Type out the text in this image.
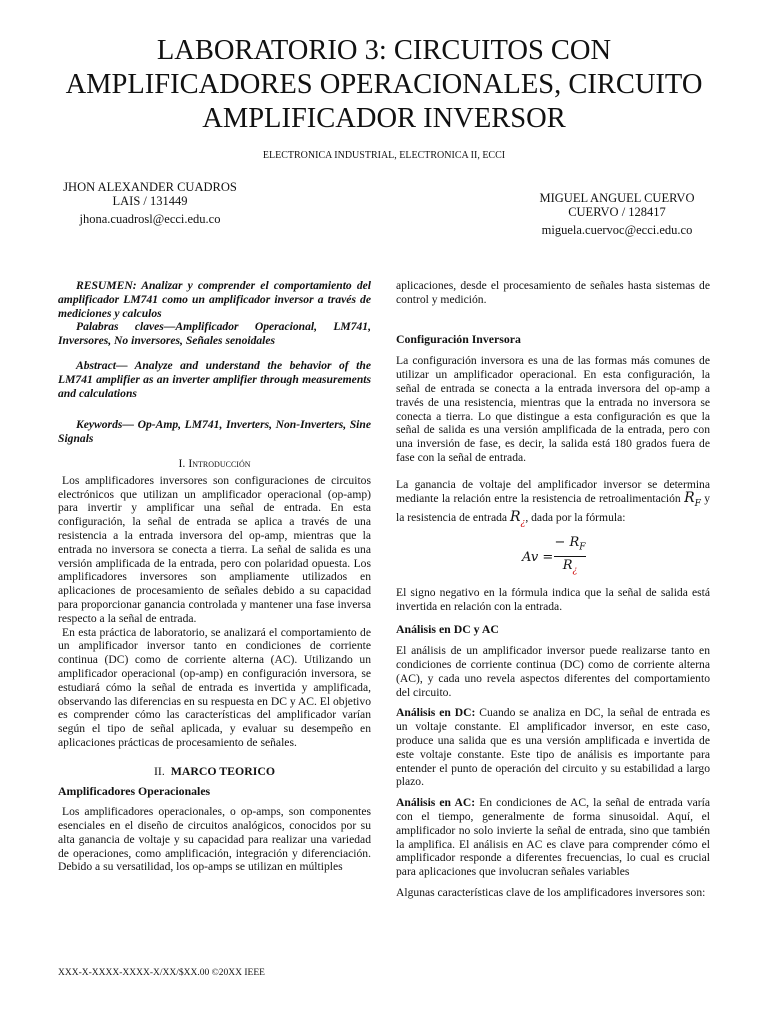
LABORATORIO 3: CIRCUITOS CON AMPLIFICADORES OPERACIONALES, CIRCUITO AMPLIFICADOR INVERSOR
ELECTRONICA INDUSTRIAL, ELECTRONICA II, ECCI
JHON ALEXANDER CUADROS
LAIS / 131449
jhona.cuadrosl@ecci.edu.co
MIGUEL ANGUEL CUERVO
CUERVO / 128417
miguela.cuervoc@ecci.edu.co

RESUMEN: Analizar y comprender el comportamiento del amplificador LM741 como un amplificador inversor a través de mediciones y calculos

Palabras claves—Amplificador Operacional, LM741, Inversores, No inversores, Señales senoidales

Abstract— Analyze and understand the behavior of the LM741 amplifier as an inverter amplifier through measurements and calculations

Keywords— Op-Amp, LM741, Inverters, Non-Inverters, Sine Signals

I. Introducción

Los amplificadores inversores son configuraciones de circuitos electrónicos que utilizan un amplificador operacional (op-amp) para invertir y amplificar una señal de entrada. En esta configuración, la señal de entrada se aplica a través de una resistencia a la entrada inversora del op-amp, mientras que la entrada no inversora se conecta a tierra. La señal de salida es una versión amplificada de la entrada, pero con polaridad opuesta. Los amplificadores inversores son ampliamente utilizados en aplicaciones de procesamiento de señales debido a su capacidad para proporcionar ganancia controlada y mantener una fase inversa respecto a la señal de entrada.

En esta práctica de laboratorio, se analizará el comportamiento de un amplificador inversor tanto en condiciones de corriente continua (DC) como de corriente alterna (AC). Utilizando un amplificador operacional (op-amp) en configuración inversora, se estudiará cómo la señal de entrada es invertida y amplificada, observando las diferencias en su respuesta en DC y AC. El objetivo es comprender cómo las características del amplificador varían según el tipo de señal aplicada, y evaluar su desempeño en aplicaciones prácticas de procesamiento de señales.

II. MARCO TEORICO

Amplificadores Operacionales

Los amplificadores operacionales, o op-amps, son componentes esenciales en el diseño de circuitos analógicos, conocidos por su alta ganancia de voltaje y su capacidad para realizar una variedad de operaciones, como amplificación, integración y diferenciación. Debido a su versatilidad, los op-amps se utilizan en múltiples

aplicaciones, desde el procesamiento de señales hasta sistemas de control y medición.

Configuración Inversora

La configuración inversora es una de las formas más comunes de utilizar un amplificador operacional. En esta configuración, la señal de entrada se conecta a la entrada inversora del op-amp a través de una resistencia, mientras que la entrada no inversora se conecta a tierra. Lo que distingue a esta configuración es que la señal de salida es una versión amplificada de la entrada, pero con una inversión de fase, es decir, la salida está 180 grados fuera de fase con la señal de entrada.

La ganancia de voltaje del amplificador inversor se determina mediante la relación entre la resistencia de retroalimentación $R_F$ y la resistencia de entrada $R_¿$, dada por la fórmula:

Av =
− $R_F$
$R_¿$

El signo negativo en la fórmula indica que la señal de salida está invertida en relación con la entrada.

Análisis en DC y AC

El análisis de un amplificador inversor puede realizarse tanto en condiciones de corriente continua (DC) como de corriente alterna (AC), y cada uno revela aspectos diferentes del comportamiento del circuito.

Análisis en DC: Cuando se analiza en DC, la señal de entrada es un voltaje constante. El amplificador inversor, en este caso, produce una salida que es una versión amplificada e invertida de este voltaje constante. Este tipo de análisis es importante para entender el punto de operación del circuito y su estabilidad a largo plazo.

Análisis en AC: En condiciones de AC, la señal de entrada varía con el tiempo, generalmente de forma sinusoidal. Aquí, el amplificador no solo invierte la señal de entrada, sino que también la amplifica. El análisis en AC es clave para comprender cómo el amplificador responde a diferentes frecuencias, lo cual es crucial para aplicaciones que involucran señales variables

Algunas características clave de los amplificadores inversores son:

XXX-X-XXXX-XXXX-X/XX/$XX.00 ©20XX IEEE
